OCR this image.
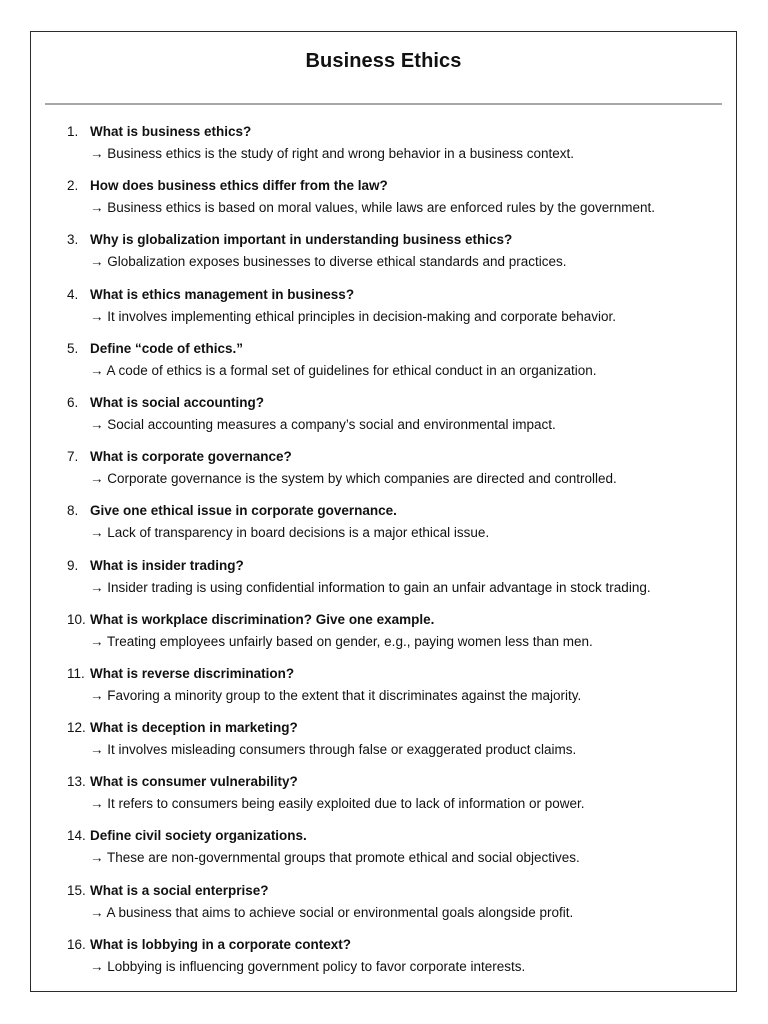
Business Ethics
1. What is business ethics?
→ Business ethics is the study of right and wrong behavior in a business context.
2. How does business ethics differ from the law?
→ Business ethics is based on moral values, while laws are enforced rules by the government.
3. Why is globalization important in understanding business ethics?
→ Globalization exposes businesses to diverse ethical standards and practices.
4. What is ethics management in business?
→ It involves implementing ethical principles in decision-making and corporate behavior.
5. Define “code of ethics.”
→ A code of ethics is a formal set of guidelines for ethical conduct in an organization.
6. What is social accounting?
→ Social accounting measures a company’s social and environmental impact.
7. What is corporate governance?
→ Corporate governance is the system by which companies are directed and controlled.
8. Give one ethical issue in corporate governance.
→ Lack of transparency in board decisions is a major ethical issue.
9. What is insider trading?
→ Insider trading is using confidential information to gain an unfair advantage in stock trading.
10. What is workplace discrimination? Give one example.
→ Treating employees unfairly based on gender, e.g., paying women less than men.
11. What is reverse discrimination?
→ Favoring a minority group to the extent that it discriminates against the majority.
12. What is deception in marketing?
→ It involves misleading consumers through false or exaggerated product claims.
13. What is consumer vulnerability?
→ It refers to consumers being easily exploited due to lack of information or power.
14. Define civil society organizations.
→ These are non-governmental groups that promote ethical and social objectives.
15. What is a social enterprise?
→ A business that aims to achieve social or environmental goals alongside profit.
16. What is lobbying in a corporate context?
→ Lobbying is influencing government policy to favor corporate interests.
